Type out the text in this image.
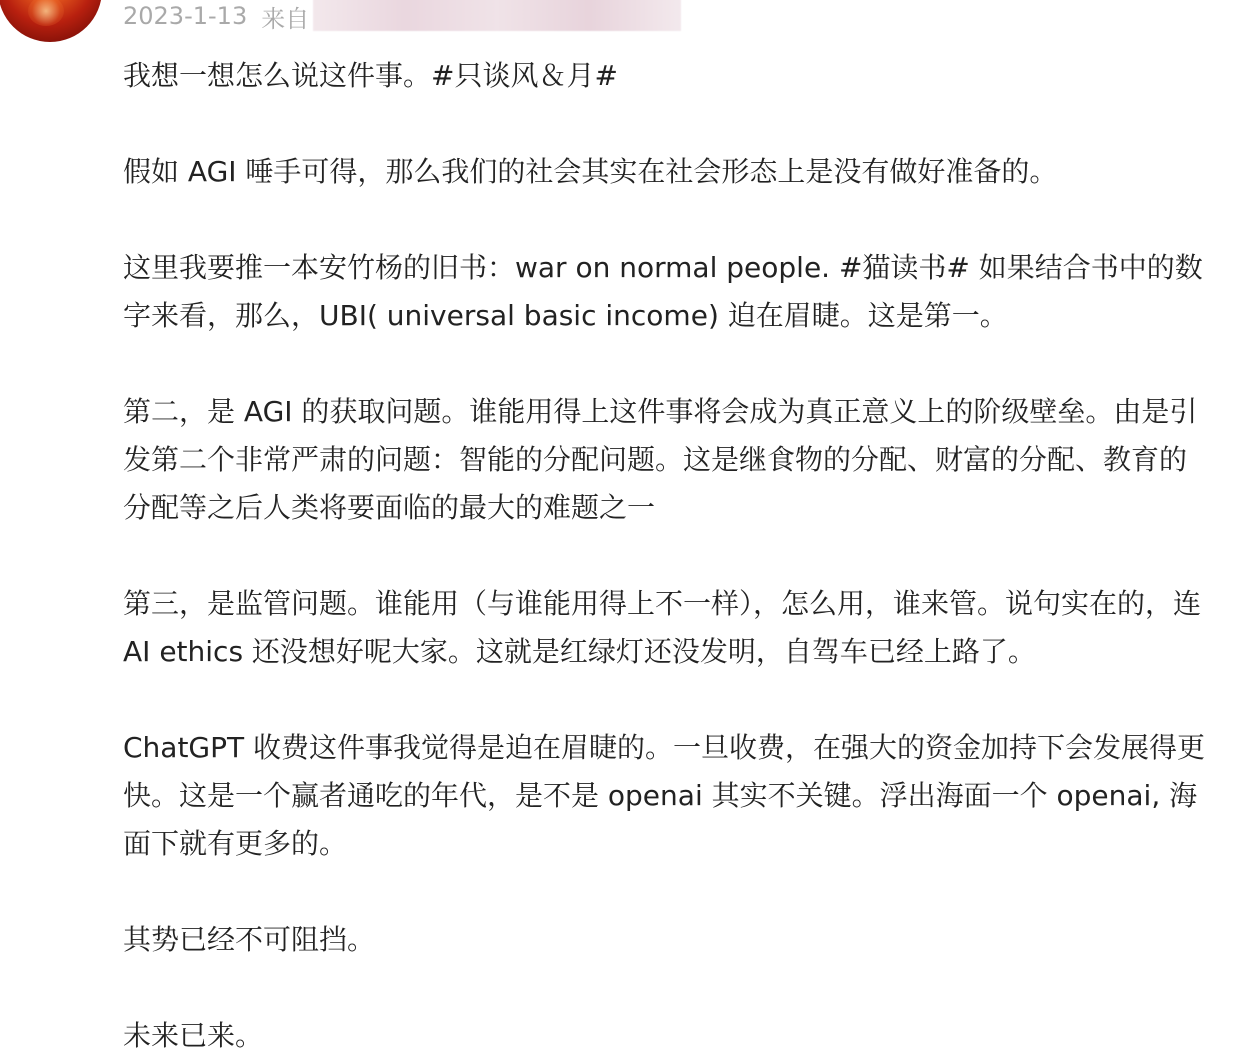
2023-1-13 来自

我想一想怎么说这件事。#只谈风＆月#

假如 AGI 唾手可得，那么我们的社会其实在社会形态上是没有做好准备的。

这里我要推一本安竹杨的旧书：war on normal people. #猫读书# 如果结合书中的数字来看，那么，UBI( universal basic income) 迫在眉睫。这是第一。

第二，是 AGI 的获取问题。谁能用得上这件事将会成为真正意义上的阶级壁垒。由是引发第二个非常严肃的问题：智能的分配问题。这是继食物的分配、财富的分配、教育的分配等之后人类将要面临的最大的难题之一

第三，是监管问题。谁能用（与谁能用得上不一样），怎么用，谁来管。说句实在的，连 AI ethics 还没想好呢大家。这就是红绿灯还没发明，自驾车已经上路了。

ChatGPT 收费这件事我觉得是迫在眉睫的。一旦收费，在强大的资金加持下会发展得更快。这是一个赢者通吃的年代，是不是 openai 其实不关键。浮出海面一个 openai, 海面下就有更多的。

其势已经不可阻挡。

未来已来。
